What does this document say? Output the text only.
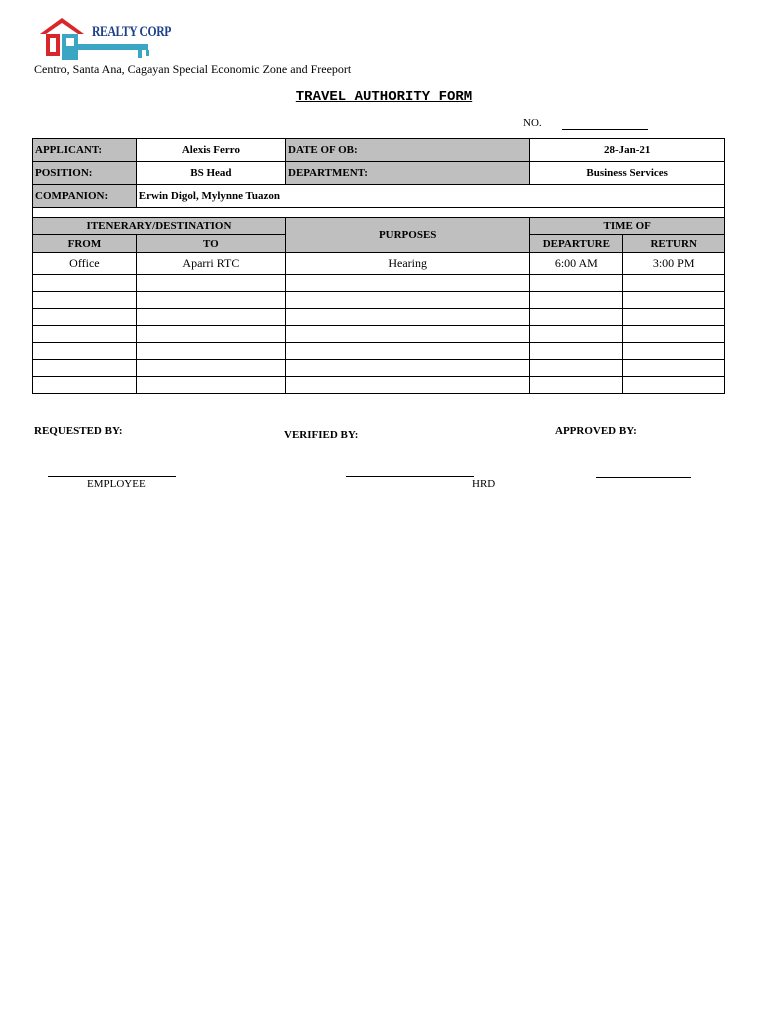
REALTY CORP
Centro, Santa Ana, Cagayan Special Economic Zone and Freeport
TRAVEL AUTHORITY FORM
NO.
APPLICANT:	Alexis Ferro	DATE OF OB:	28-Jan-21	
POSITION:	BS Head	DEPARTMENT:	Business Services	
COMPANION:	Erwin Digol, Mylynne Tuazon			

ITENERARY/DESTINATION		PURPOSES	TIME OF	
FROM	TO		DEPARTURE	RETURN
Office	Aparri RTC	Hearing	6:00 AM	3:00 PM

REQUESTED BY:	VERIFIED BY:	APPROVED BY:
EMPLOYEE	HRD
